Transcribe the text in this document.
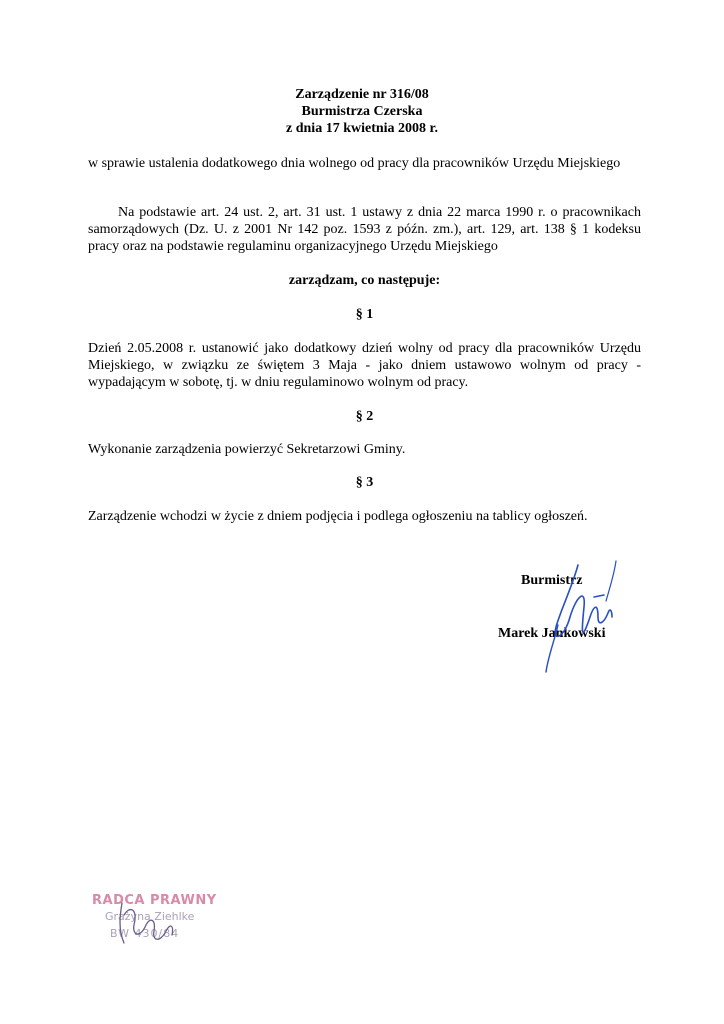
Zarządzenie nr 316/08
Burmistrza Czerska
z dnia 17 kwietnia 2008 r.
w sprawie ustalenia dodatkowego dnia wolnego od pracy dla pracowników Urzędu Miejskiego
Na podstawie art. 24 ust. 2, art. 31 ust. 1 ustawy z dnia 22 marca 1990 r. o pracownikach samorządowych (Dz. U. z 2001 Nr 142 poz. 1593 z późn. zm.), art. 129, art. 138 § 1 kodeksu pracy oraz na podstawie regulaminu organizacyjnego Urzędu Miejskiego
zarządzam, co następuje:
§ 1
Dzień 2.05.2008 r. ustanowić jako dodatkowy dzień wolny od pracy dla pracowników Urzędu Miejskiego, w związku ze świętem 3 Maja - jako dniem ustawowo wolnym od pracy - wypadającym w sobotę, tj. w dniu regulaminowo wolnym od pracy.
§ 2
Wykonanie zarządzenia powierzyć Sekretarzowi Gminy.
§ 3
Zarządzenie wchodzi w życie z dniem podjęcia i podlega ogłoszeniu na tablicy ogłoszeń.
Burmistrz
Marek Jankowski
RADCA PRAWNY
Grażyna Ziehlke
BW 430/84
